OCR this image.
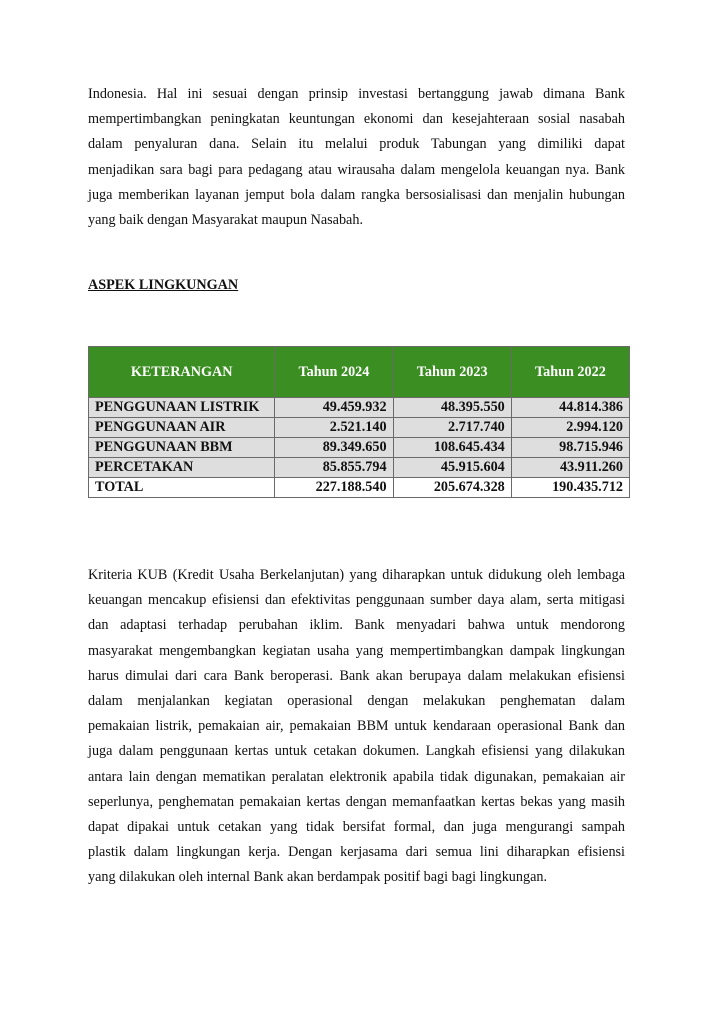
Indonesia. Hal ini sesuai dengan prinsip investasi bertanggung jawab dimana Bank
mempertimbangkan peningkatan keuntungan ekonomi dan kesejahteraan sosial nasabah
dalam penyaluran dana. Selain itu melalui produk Tabungan yang dimiliki dapat
menjadikan sara bagi para pedagang atau wirausaha dalam mengelola keuangan nya. Bank
juga memberikan layanan jemput bola dalam rangka bersosialisasi dan menjalin hubungan
yang baik dengan Masyarakat maupun Nasabah.

ASPEK LINGKUNGAN
KETERANGAN	Tahun 2024	Tahun 2023	Tahun 2022
PENGGUNAAN LISTRIK	49.459.932	48.395.550	44.814.386
PENGGUNAAN AIR	2.521.140	2.717.740	2.994.120
PENGGUNAAN BBM	89.349.650	108.645.434	98.715.946
PERCETAKAN	85.855.794	45.915.604	43.911.260
TOTAL	227.188.540	205.674.328	190.435.712

Kriteria KUB (Kredit Usaha Berkelanjutan) yang diharapkan untuk didukung oleh lembaga
keuangan mencakup efisiensi dan efektivitas penggunaan sumber daya alam, serta mitigasi
dan adaptasi terhadap perubahan iklim. Bank menyadari bahwa untuk mendorong
masyarakat mengembangkan kegiatan usaha yang mempertimbangkan dampak lingkungan
harus dimulai dari cara Bank beroperasi. Bank akan berupaya dalam melakukan efisiensi
dalam menjalankan kegiatan operasional dengan melakukan penghematan dalam
pemakaian listrik, pemakaian air, pemakaian BBM untuk kendaraan operasional Bank dan
juga dalam penggunaan kertas untuk cetakan dokumen. Langkah efisiensi yang dilakukan
antara lain dengan mematikan peralatan elektronik apabila tidak digunakan, pemakaian air
seperlunya, penghematan pemakaian kertas dengan memanfaatkan kertas bekas yang masih
dapat dipakai untuk cetakan yang tidak bersifat formal, dan juga mengurangi sampah
plastik dalam lingkungan kerja. Dengan kerjasama dari semua lini diharapkan efisiensi
yang dilakukan oleh internal Bank akan berdampak positif bagi bagi lingkungan.
